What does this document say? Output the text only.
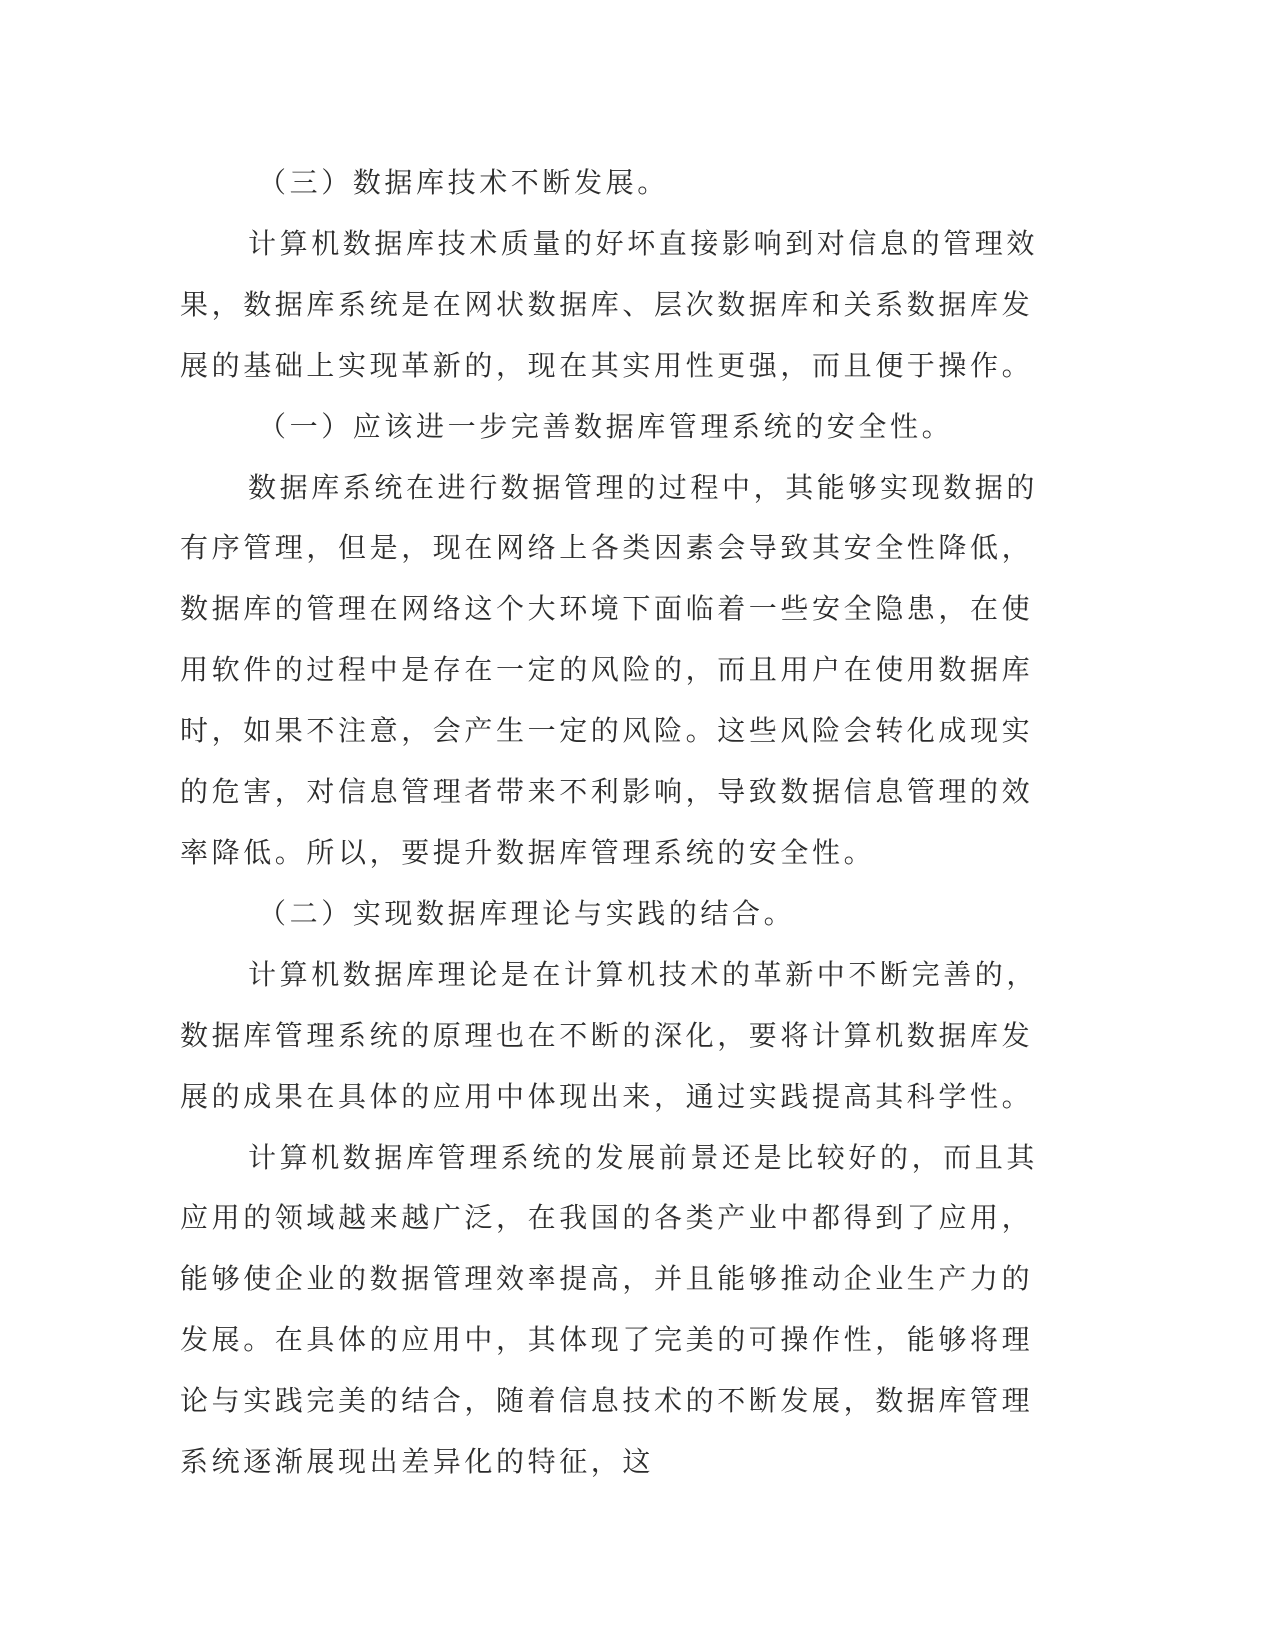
（三）数据库技术不断发展。

计算机数据库技术质量的好坏直接影响到对信息的管理效果，数据库系统是在网状数据库、层次数据库和关系数据库发展的基础上实现革新的，现在其实用性更强，而且便于操作。

（一）应该进一步完善数据库管理系统的安全性。

数据库系统在进行数据管理的过程中，其能够实现数据的有序管理，但是，现在网络上各类因素会导致其安全性降低，数据库的管理在网络这个大环境下面临着一些安全隐患，在使用软件的过程中是存在一定的风险的，而且用户在使用数据库时，如果不注意，会产生一定的风险。这些风险会转化成现实的危害，对信息管理者带来不利影响，导致数据信息管理的效率降低。所以，要提升数据库管理系统的安全性。

（二）实现数据库理论与实践的结合。

计算机数据库理论是在计算机技术的革新中不断完善的，数据库管理系统的原理也在不断的深化，要将计算机数据库发展的成果在具体的应用中体现出来，通过实践提高其科学性。

计算机数据库管理系统的发展前景还是比较好的，而且其应用的领域越来越广泛，在我国的各类产业中都得到了应用，能够使企业的数据管理效率提高，并且能够推动企业生产力的发展。在具体的应用中，其体现了完美的可操作性，能够将理论与实践完美的结合，随着信息技术的不断发展，数据库管理系统逐渐展现出差异化的特征，这
